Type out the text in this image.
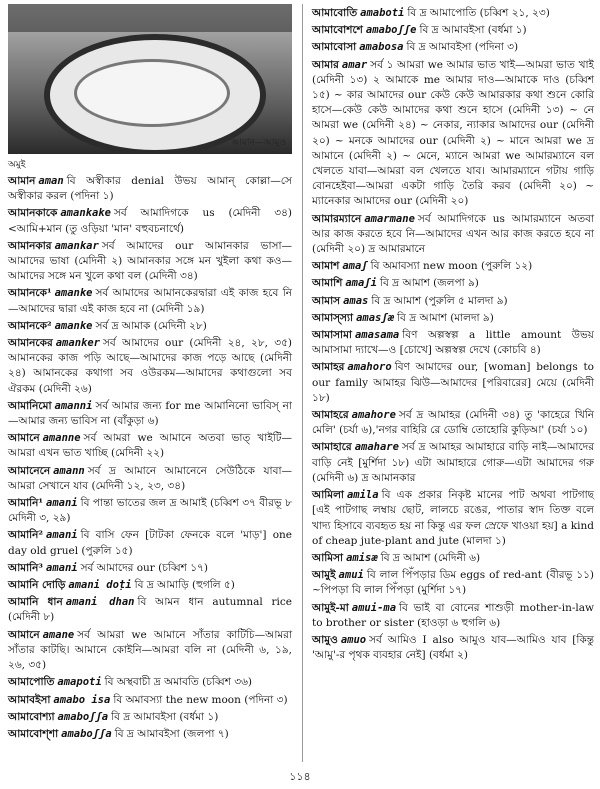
আমান—আমুও
অমুই

আমান aman বি অস্বীকার denial উভয় আমান্ কোল্লা—সে অস্বীকার করল (পদিনা ১)

আমানকাকে amankake সর্ব আমাদিগকে us (মেদিনী ৩৪) <আমি+মান (তু ওড়িয়া 'মান' বহুবচনার্থে)

আমানকার amankar সর্ব আমাদের our আমানকার ভাসা—আমাদের ভাষা (মেদিনী ২) আমানকার সঙ্গে মন খুইলা কথা কও—আমাদের সঙ্গে মন খুলে কথা বল (মেদিনী ৩৪)

আমানকে¹ amanke সর্ব আমাদের আমানকেরদ্বারা এই কাজ হবে নি—আমাদের দ্বারা এই কাজ হবে না (মেদিনী ১৯)

আমানকে² amanke সর্ব দ্র আমাক (মেদিনী ২৮)

আমানকের amanker সর্ব আমাদের our (মেদিনী ২৪, ২৮, ৩৫) আমানকের কাজ পড়ি আছে—আমাদের কাজ পড়ে আছে (মেদিনী ২৪) আমানকের কথাগা সব ওউরকম—আমাদের কথাগুলো সব ঐরকম (মেদিনী ২৬)

আমানিমো amanni সর্ব আমার জন্য for me আমানিনো ভাবিস্ না—আমার জন্য ভাবিস না (বাঁকুড়া ৬)

আমানে amanne সর্ব আমরা we আমানে অতবা ভাত্ খাইটি—আমরা এখন ভাত খাচ্ছি (মেদিনী ২২)

আমানেনে amann সর্ব দ্র আমানে আমানেনে সেউঠিকে যাবা—আমরা সেখানে যাব (মেদিনী ১২, ২৩, ৩৪)

আমানি¹ amani বি পান্তা ভাতের জল দ্র আমাই (চব্বিশ ৩৭ বীরভূ ৮ মেদিনী ৩, ২৯)

আমানি² amani বি বাসি ফেন [টাটকা ফেনকে বলে 'মাড়'] one day old gruel (পুরুলি ১৫)

আমানি³ amani সর্ব আমাদের our (চব্বিশ ১৭)

আমানি দোড়ি amani doṭi বি দ্র আমাড়ি (হুগলি ৫)

আমানি ধান amani dhan বি আমন ধান autumnal rice (মেদিনী ৮)

আমানে amane সর্ব আমরা we আমানে সাঁতার কাটিচি—আমরা সাঁতার কাটছি। আমানে কোইনি—আমরা বলি না (মেদিনী ৬, ১৯, ২৬, ৩৫)

আমাপোতি amapoti বি অস্থবাচী দ্র অমাবতি (চব্বিশ ৩৬)

আমাবইসা amabo isa বি অমাবস্যা the new moon (পদিনা ৩)

আমাবোশ্যা amaboʃʃa বি দ্র আমাবইসা (বর্ধমা ১)

আমাবোশ্শা amaboʃʃa বি দ্র আমাবইসা (জলপা ৭)

আমাবোতি amaboti বি দ্র আমাপোতি (চব্বিশ ২১, ২৩)

আমাবোশশে amaboʃʃe বি দ্র আমাবইসা (বর্ধমা ১)

আমাবোসা amabosa বি দ্র আমাবইসা (পদিনা ৩)

আমার amar সর্ব ১ আমরা we আমার ভাত খাই—আমরা ভাত খাই (মেদিনী ১৩) ২ আমাকে me আমার দাও—আমাকে দাও (চব্বিশ ১৫) ~ কার আমাদের our কেউ কেউ আমারকার কথা শুনে কোরি হাসে—কেউ কেউ আমাদের কথা শুনে হাসে (মেদিনী ১৩) ~ নে আমরা we (মেদিনী ২৪) ~ নেকার, ন্যাকার আমাদের our (মেদিনী ২০) ~ মনকে আমাদের our (মেদিনী ২) ~ মানে আমরা we দ্র আমানে (মেদিনী ২) ~ মেনে, ম্যানে আমরা we আমারম্যানে বল খেলতে যাবা—আমরা বল খেলতে যাব। আমারম্যানে গটায় গাড়ি বোনহেইবা—আমরা একটা গাড়ি তৈরি করব (মেদিনী ২০) ~ ম্যানেকার আমাদের our (মেদিনী ২০)

আমারম্যানে amarmane সর্ব আমাদিগকে us আমারম্যানে অতবা আর কাজ করতে হবে নি—আমাদের এখন আর কাজ করতে হবে না (মেদিনী ২০) দ্র আমারমানে

আমাশ amaʃ বি অমাবস্যা new moon (পুরুলি ১২)

আমাশি amaʃi বি দ্র আমাশ (জলপা ৯)

আমাস amas বি দ্র আমাশ (পুরুলি ৫ মালদা ৯)

আমাস্স্যা amasʃæ বি দ্র আমাশ (মালদা ৯)

আমাসামা amasama বিণ অল্পস্বল্প a little amount উভয় আমাসামা দ্যাখে—ও [চোখে] অল্পস্বল্প দেখে (কোচবি ৪)

আমাহর amahoro বিণ আমাদের our, [woman] belongs to our family আমাহর ঝিউ—আমাদের [পরিবারের] মেয়ে (মেদিনী ১৮)

আমাহরে amahore সর্ব দ্র আমাহর (মেদিনী ৩৪) তু 'কাহেরে খিনি মেলি' (চর্যা ৬),'নগর বাহিরি রে ডোম্বি তোহোরি কুড়িআ' (চর্যা ১০)

আমাহারে amahare সর্ব দ্র আমাহর আমাহারে বাড়ি নাই—আমাদের বাড়ি নেই [মুর্শিদা ১৮) এটা আমাহারে গোরু—এটা আমাদের গরু (মেদিনী ৬) দ্র আমানকার

আমিলা amila বি এক প্রকার নিকৃষ্ট মানের পাট অথবা পাটগাছ [এই পাটগাছ লম্বায় ছোট, লালচে রঙের, পাতার স্বাদ তিক্ত বলে খাদ্য হিসাবে ব্যবহৃত হয় না কিন্তু এর ফল স্রেফে খাওয়া হয়] a kind of cheap jute-plant and jute (মালদা ১)

আমিসা amisæ বি দ্র আমাশ (মেদিনী ৬)

আমুই amui বি লাল পিঁপড়ার ডিম eggs of red-ant (বীরভূ ১১) ~পিপড়া বি লাল পিঁপড়া (মুর্শিদা ১৭)

আমুই-মা amui-ma বি ভাই বা বোনের শাশুড়ী mother-in-law to brother or sister (হাওড়া ৬ হুগলি ৬)

আমুও amuo সর্ব আমিও I also আমুও যাব—আমিও যাব [কিন্তু 'আমু'-র পৃথক ব্যবহার নেই] (বর্ধমা ২)

১১৪
